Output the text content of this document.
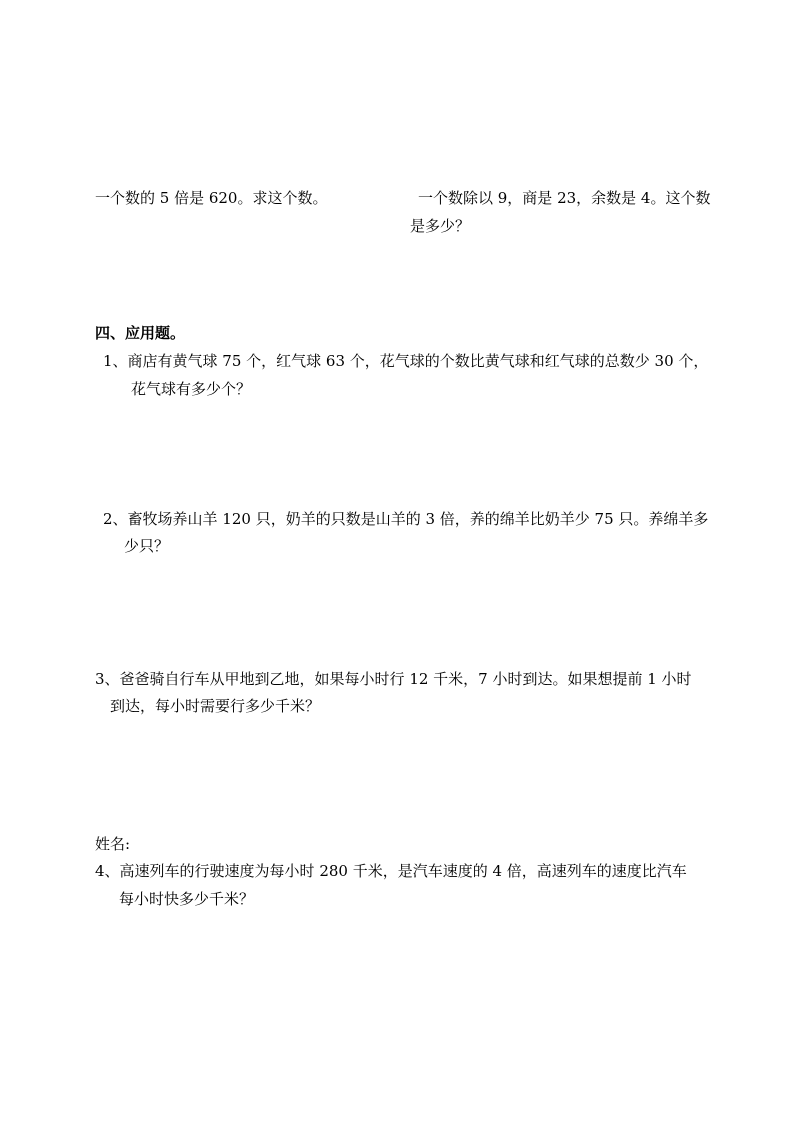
一个数的 5 倍是 620。求这个数。	一个数除以 9，商是 23，余数是 4。这个数
是多少？
四、应用题。
1、商店有黄气球 75 个，红气球 63 个，花气球的个数比黄气球和红气球的总数少 30 个，
花气球有多少个？
2、畜牧场养山羊 120 只，奶羊的只数是山羊的 3 倍，养的绵羊比奶羊少 75 只。养绵羊多
少只？
3、爸爸骑自行车从甲地到乙地，如果每小时行 12 千米，7 小时到达。如果想提前 1 小时
到达，每小时需要行多少千米？
姓名:
4、高速列车的行驶速度为每小时 280 千米，是汽车速度的 4 倍，高速列车的速度比汽车
每小时快多少千米？
